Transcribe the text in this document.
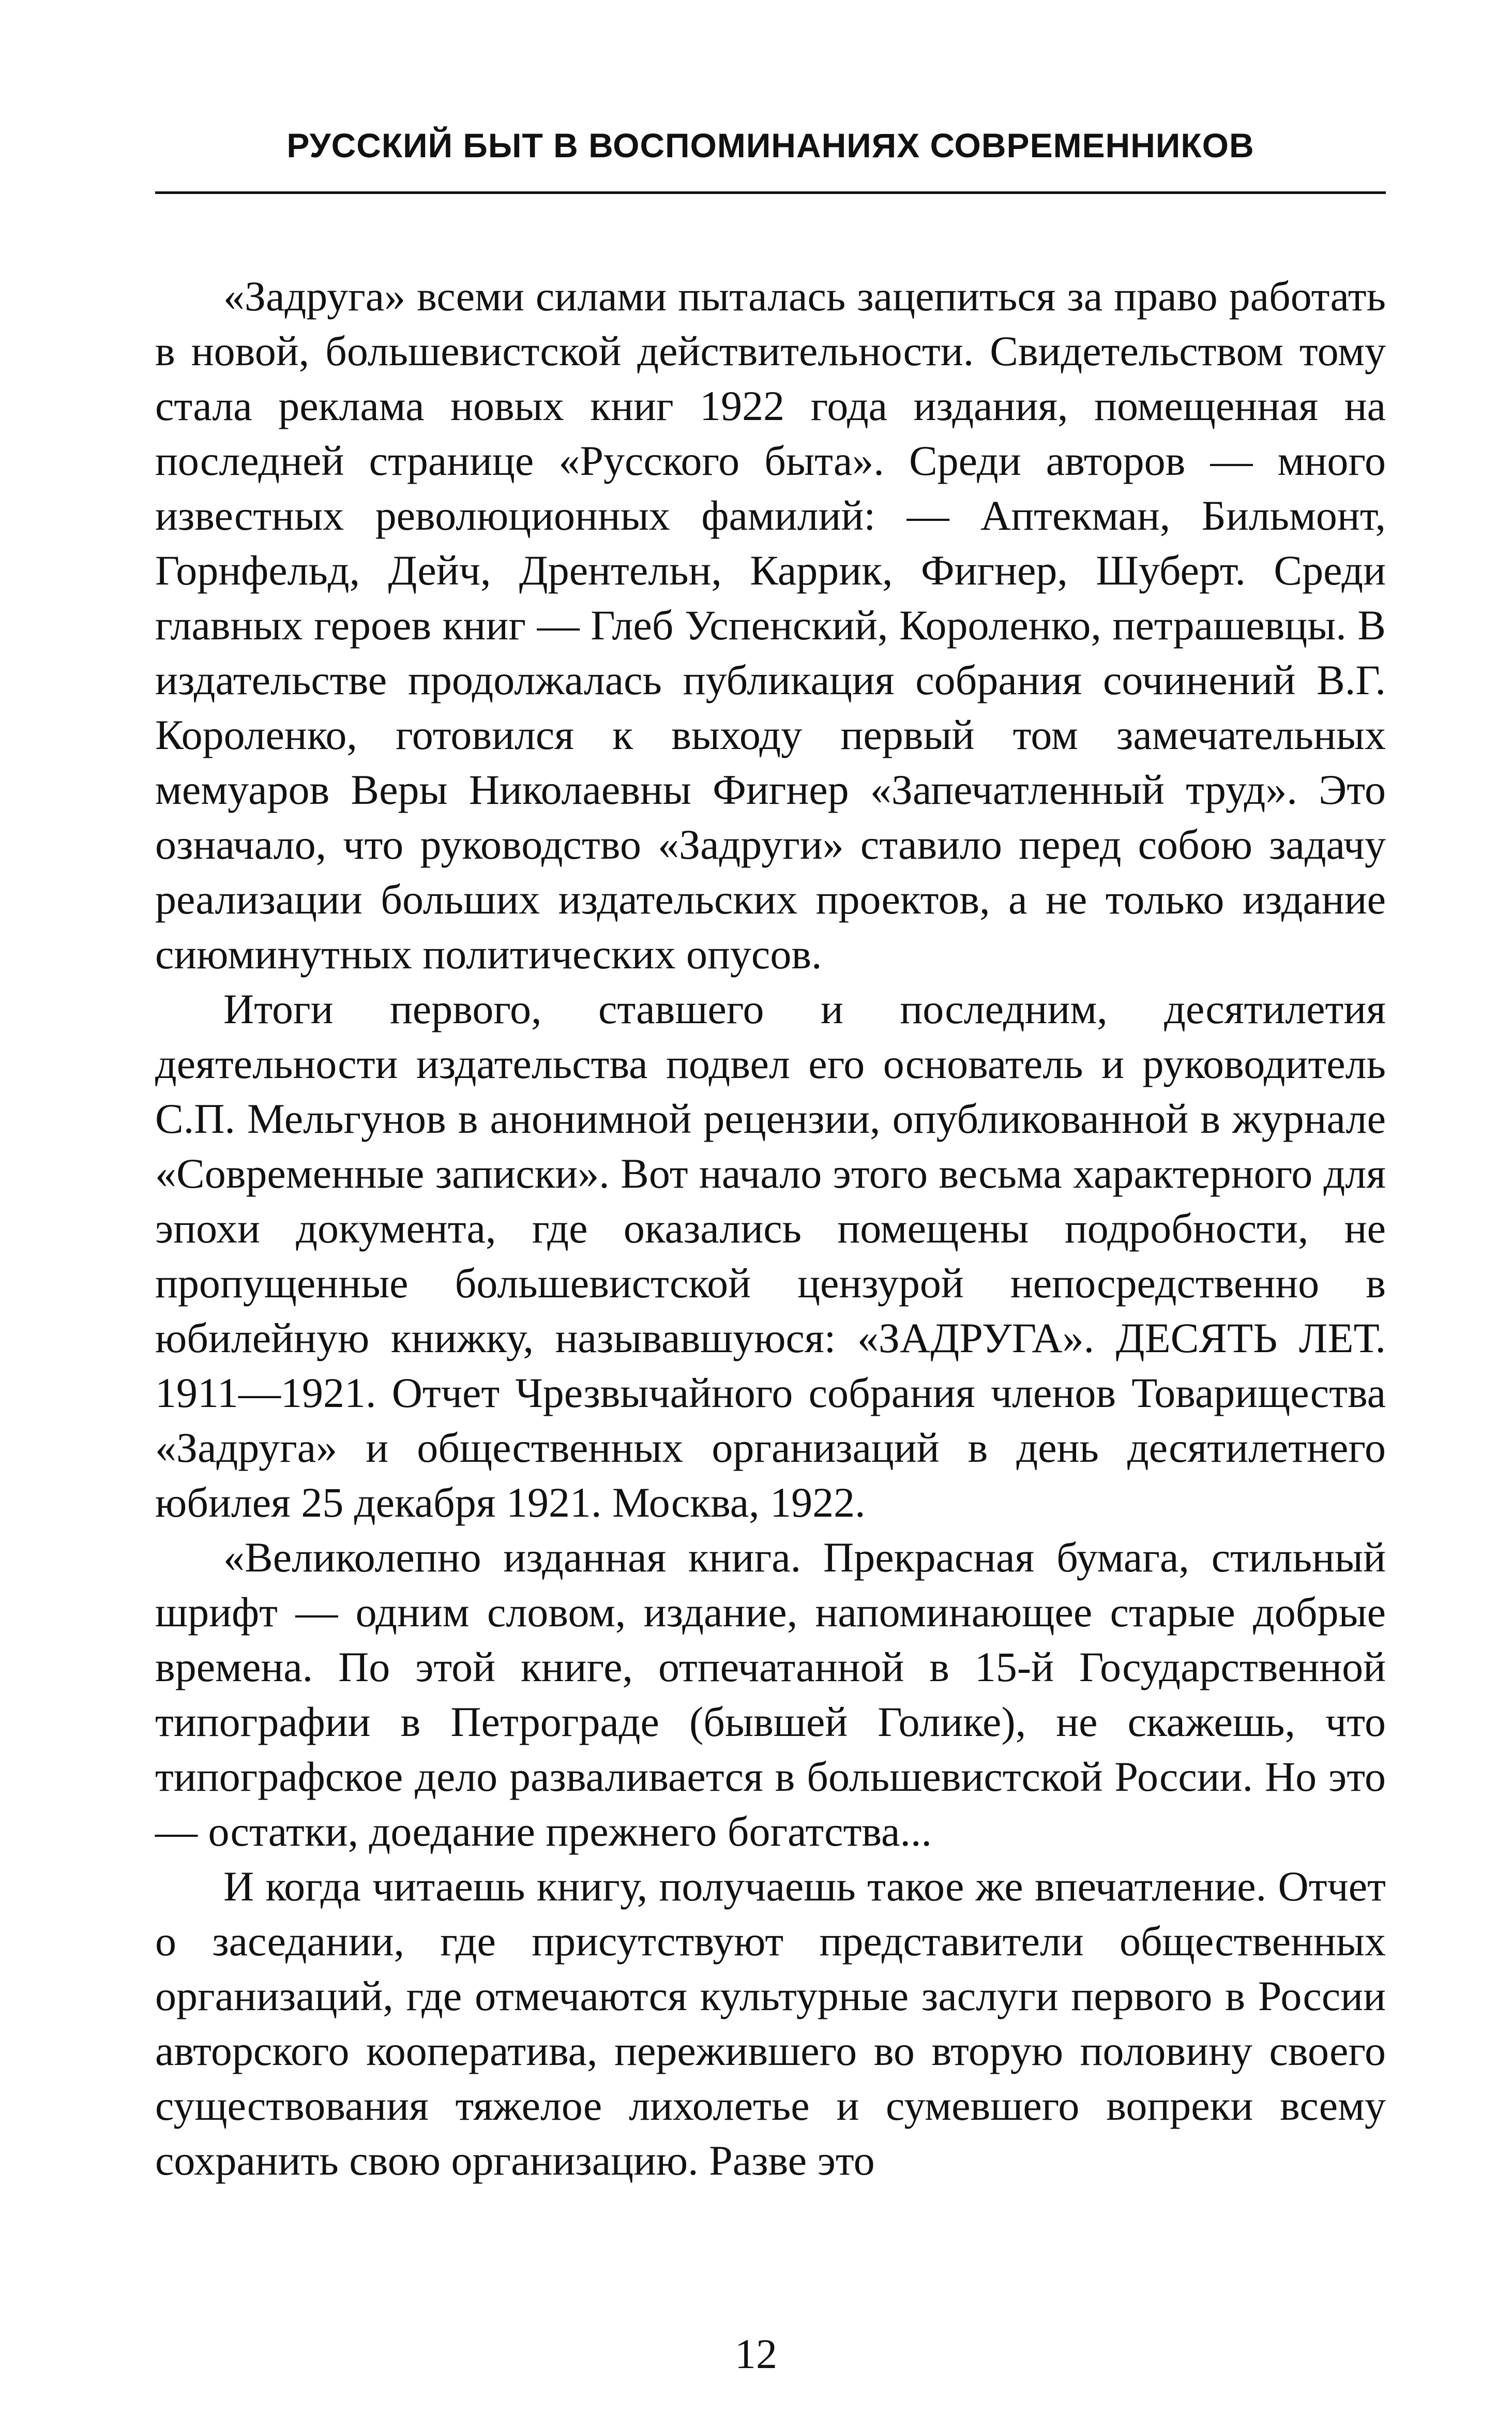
РУССКИЙ БЫТ В ВОСПОМИНАНИЯХ СОВРЕМЕННИКОВ

«Задруга» всеми силами пыталась зацепиться за право работать в новой, большевистской действительности. Свидетельством тому стала реклама новых книг 1922 года издания, помещенная на последней странице «Русского быта». Среди авторов — много известных революционных фамилий: — Аптекман, Бильмонт, Горнфельд, Дейч, Дрентельн, Каррик, Фигнер, Шуберт. Среди главных героев книг — Глеб Успенский, Короленко, петрашевцы. В издательстве продолжалась публикация собрания сочинений В.Г. Короленко, готовился к выходу первый том замечательных мемуаров Веры Николаевны Фигнер «Запечатленный труд». Это означало, что руководство «Задруги» ставило перед собою задачу реализации больших издательских проектов, а не только издание сиюминутных политических опусов.

Итоги первого, ставшего и последним, десятилетия деятельности издательства подвел его основатель и руководитель С.П. Мельгунов в анонимной рецензии, опубликованной в журнале «Современные записки». Вот начало этого весьма характерного для эпохи документа, где оказались помещены подробности, не пропущенные большевистской цензурой непосредственно в юбилейную книжку, называвшуюся: «ЗАДРУГА». ДЕСЯТЬ ЛЕТ. 1911—1921. Отчет Чрезвычайного собрания членов Товарищества «Задруга» и общественных организаций в день десятилетнего юбилея 25 декабря 1921. Москва, 1922.

«Великолепно изданная книга. Прекрасная бумага, стильный шрифт — одним словом, издание, напоминающее старые добрые времена. По этой книге, отпечатанной в 15-й Государственной типографии в Петрограде (бывшей Голике), не скажешь, что типографское дело разваливается в большевистской России. Но это — остатки, доедание прежнего богатства...

И когда читаешь книгу, получаешь такое же впечатление. Отчет о заседании, где присутствуют представители общественных организаций, где отмечаются культурные заслуги первого в России авторского кооператива, пережившего во вторую половину своего существования тяжелое лихолетье и сумевшего вопреки всему сохранить свою организацию. Разве это

12
